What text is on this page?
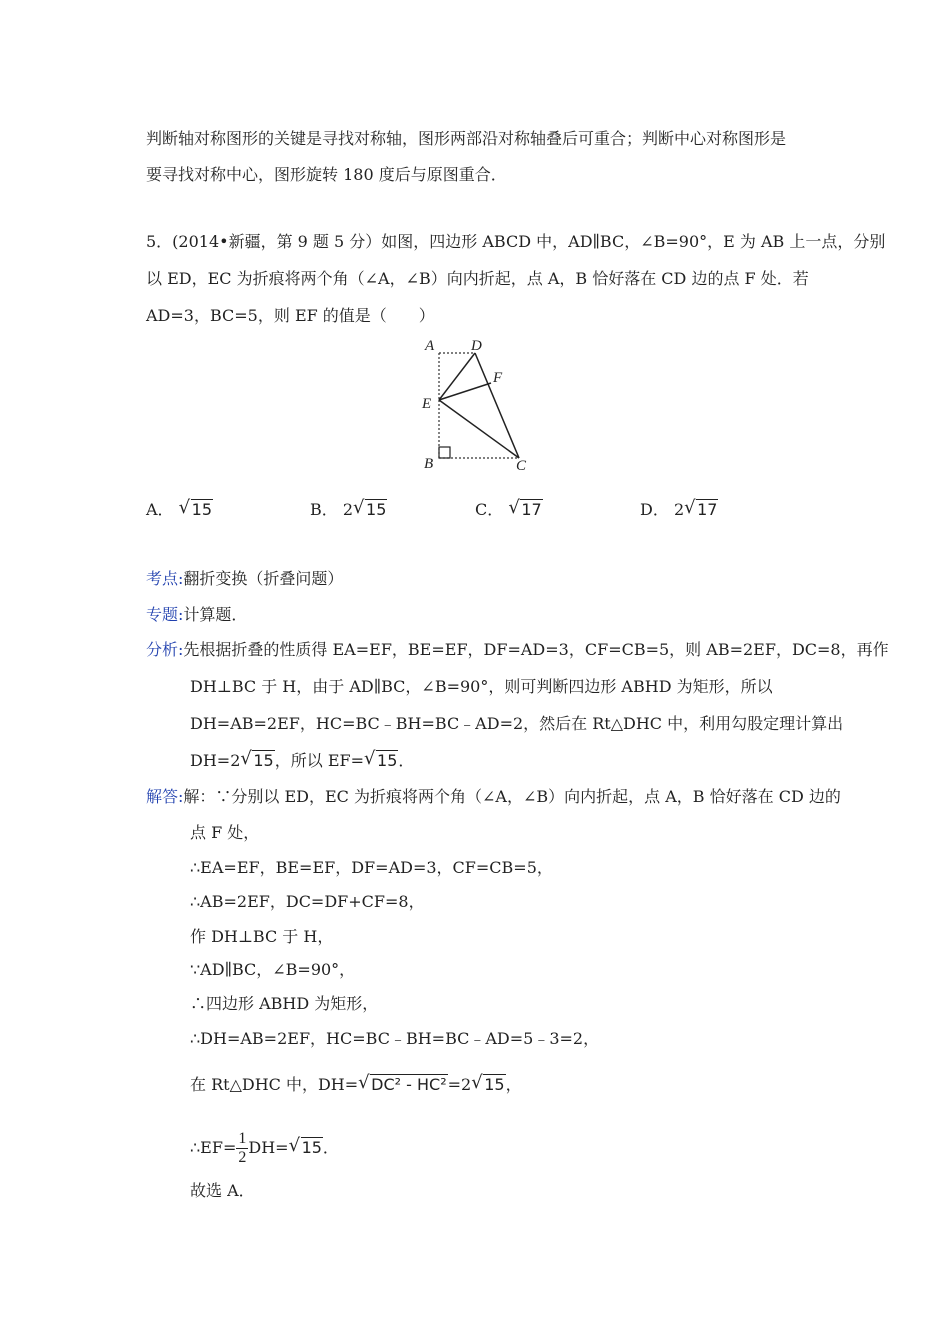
判断轴对称图形的关键是寻找对称轴，图形两部沿对称轴叠后可重合；判断中心对称图形是
要寻找对称中心，图形旋转 180 度后与原图重合．
5．(2014•新疆，第 9 题 5 分）如图，四边形 ABCD 中，AD∥BC，∠B=90°，E 为 AB 上一点，分别
以 ED，EC 为折痕将两个角（∠A，∠B）向内折起，点 A，B 恰好落在 CD 边的点 F 处．若
AD=3，BC=5，则 EF 的值是（　　）
A D
F
E
B	C
A． √ 15	B． 2 √ 15	C． √ 17	D． 2 √ 17
考点:翻折变换（折叠问题）
专题:计算题．
分析:先根据折叠的性质得 EA=EF，BE=EF，DF=AD=3，CF=CB=5，则 AB=2EF，DC=8，再作
DH⊥BC 于 H，由于 AD∥BC，∠B=90°，则可判断四边形 ABHD 为矩形，所以
DH=AB=2EF，HC=BC﹣BH=BC﹣AD=2，然后在 Rt△DHC 中，利用勾股定理计算出
DH=2 √ 15，所以 EF= √ 15．
解答:解：∵分别以 ED，EC 为折痕将两个角（∠A，∠B）向内折起，点 A，B 恰好落在 CD 边的
点 F 处，
∴EA=EF，BE=EF，DF=AD=3，CF=CB=5，
∴AB=2EF，DC=DF+CF=8，
作 DH⊥BC 于 H，
∵AD∥BC，∠B=90°，
∴四边形 ABHD 为矩形，
∴DH=AB=2EF，HC=BC﹣BH=BC﹣AD=5﹣3=2，
在 Rt△DHC 中，DH= √ DC² - HC²=2 √ 15，
∴EF= $\frac{1}{2} DH=$ √ 15．
故选 A．
